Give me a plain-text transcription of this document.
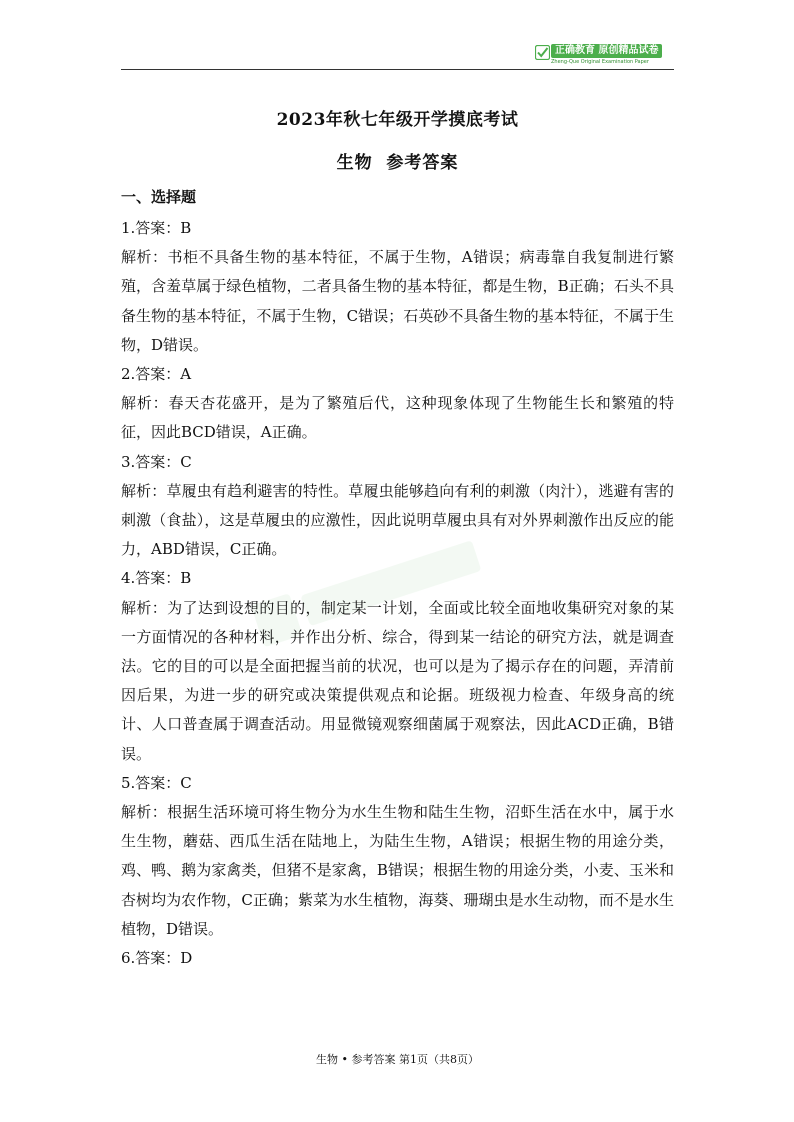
正确教育 原创精品试卷
Zheng-Que Original Examination Paper
2023年秋七年级开学摸底考试
生物  参考答案
一、选择题

1.答案：B

解析：书柜不具备生物的基本特征，不属于生物，A错误；病毒靠自我复制进行繁殖，含羞草属于绿色植物，二者具备生物的基本特征，都是生物，B正确；石头不具备生物的基本特征，不属于生物，C错误；石英砂不具备生物的基本特征，不属于生物，D错误。

2.答案：A

解析：春天杏花盛开，是为了繁殖后代，这种现象体现了生物能生长和繁殖的特征，因此BCD错误，A正确。

3.答案：C

解析：草履虫有趋利避害的特性。草履虫能够趋向有利的刺激（肉汁），逃避有害的刺激（食盐），这是草履虫的应激性，因此说明草履虫具有对外界刺激作出反应的能力，ABD错误，C正确。

4.答案：B

解析：为了达到设想的目的，制定某一计划，全面或比较全面地收集研究对象的某一方面情况的各种材料，并作出分析、综合，得到某一结论的研究方法，就是调查法。它的目的可以是全面把握当前的状况，也可以是为了揭示存在的问题，弄清前因后果，为进一步的研究或决策提供观点和论据。班级视力检查、年级身高的统计、人口普查属于调查活动。用显微镜观察细菌属于观察法，因此ACD正确，B错误。

5.答案：C

解析：根据生活环境可将生物分为水生生物和陆生生物，沼虾生活在水中，属于水生生物，蘑菇、西瓜生活在陆地上，为陆生生物，A错误；根据生物的用途分类，鸡、鸭、鹅为家禽类，但猪不是家禽，B错误；根据生物的用途分类，小麦、玉米和杏树均为农作物，C正确；紫菜为水生植物，海葵、珊瑚虫是水生动物，而不是水生植物，D错误。

6.答案：D

生物 • 参考答案 第1页（共8页）
